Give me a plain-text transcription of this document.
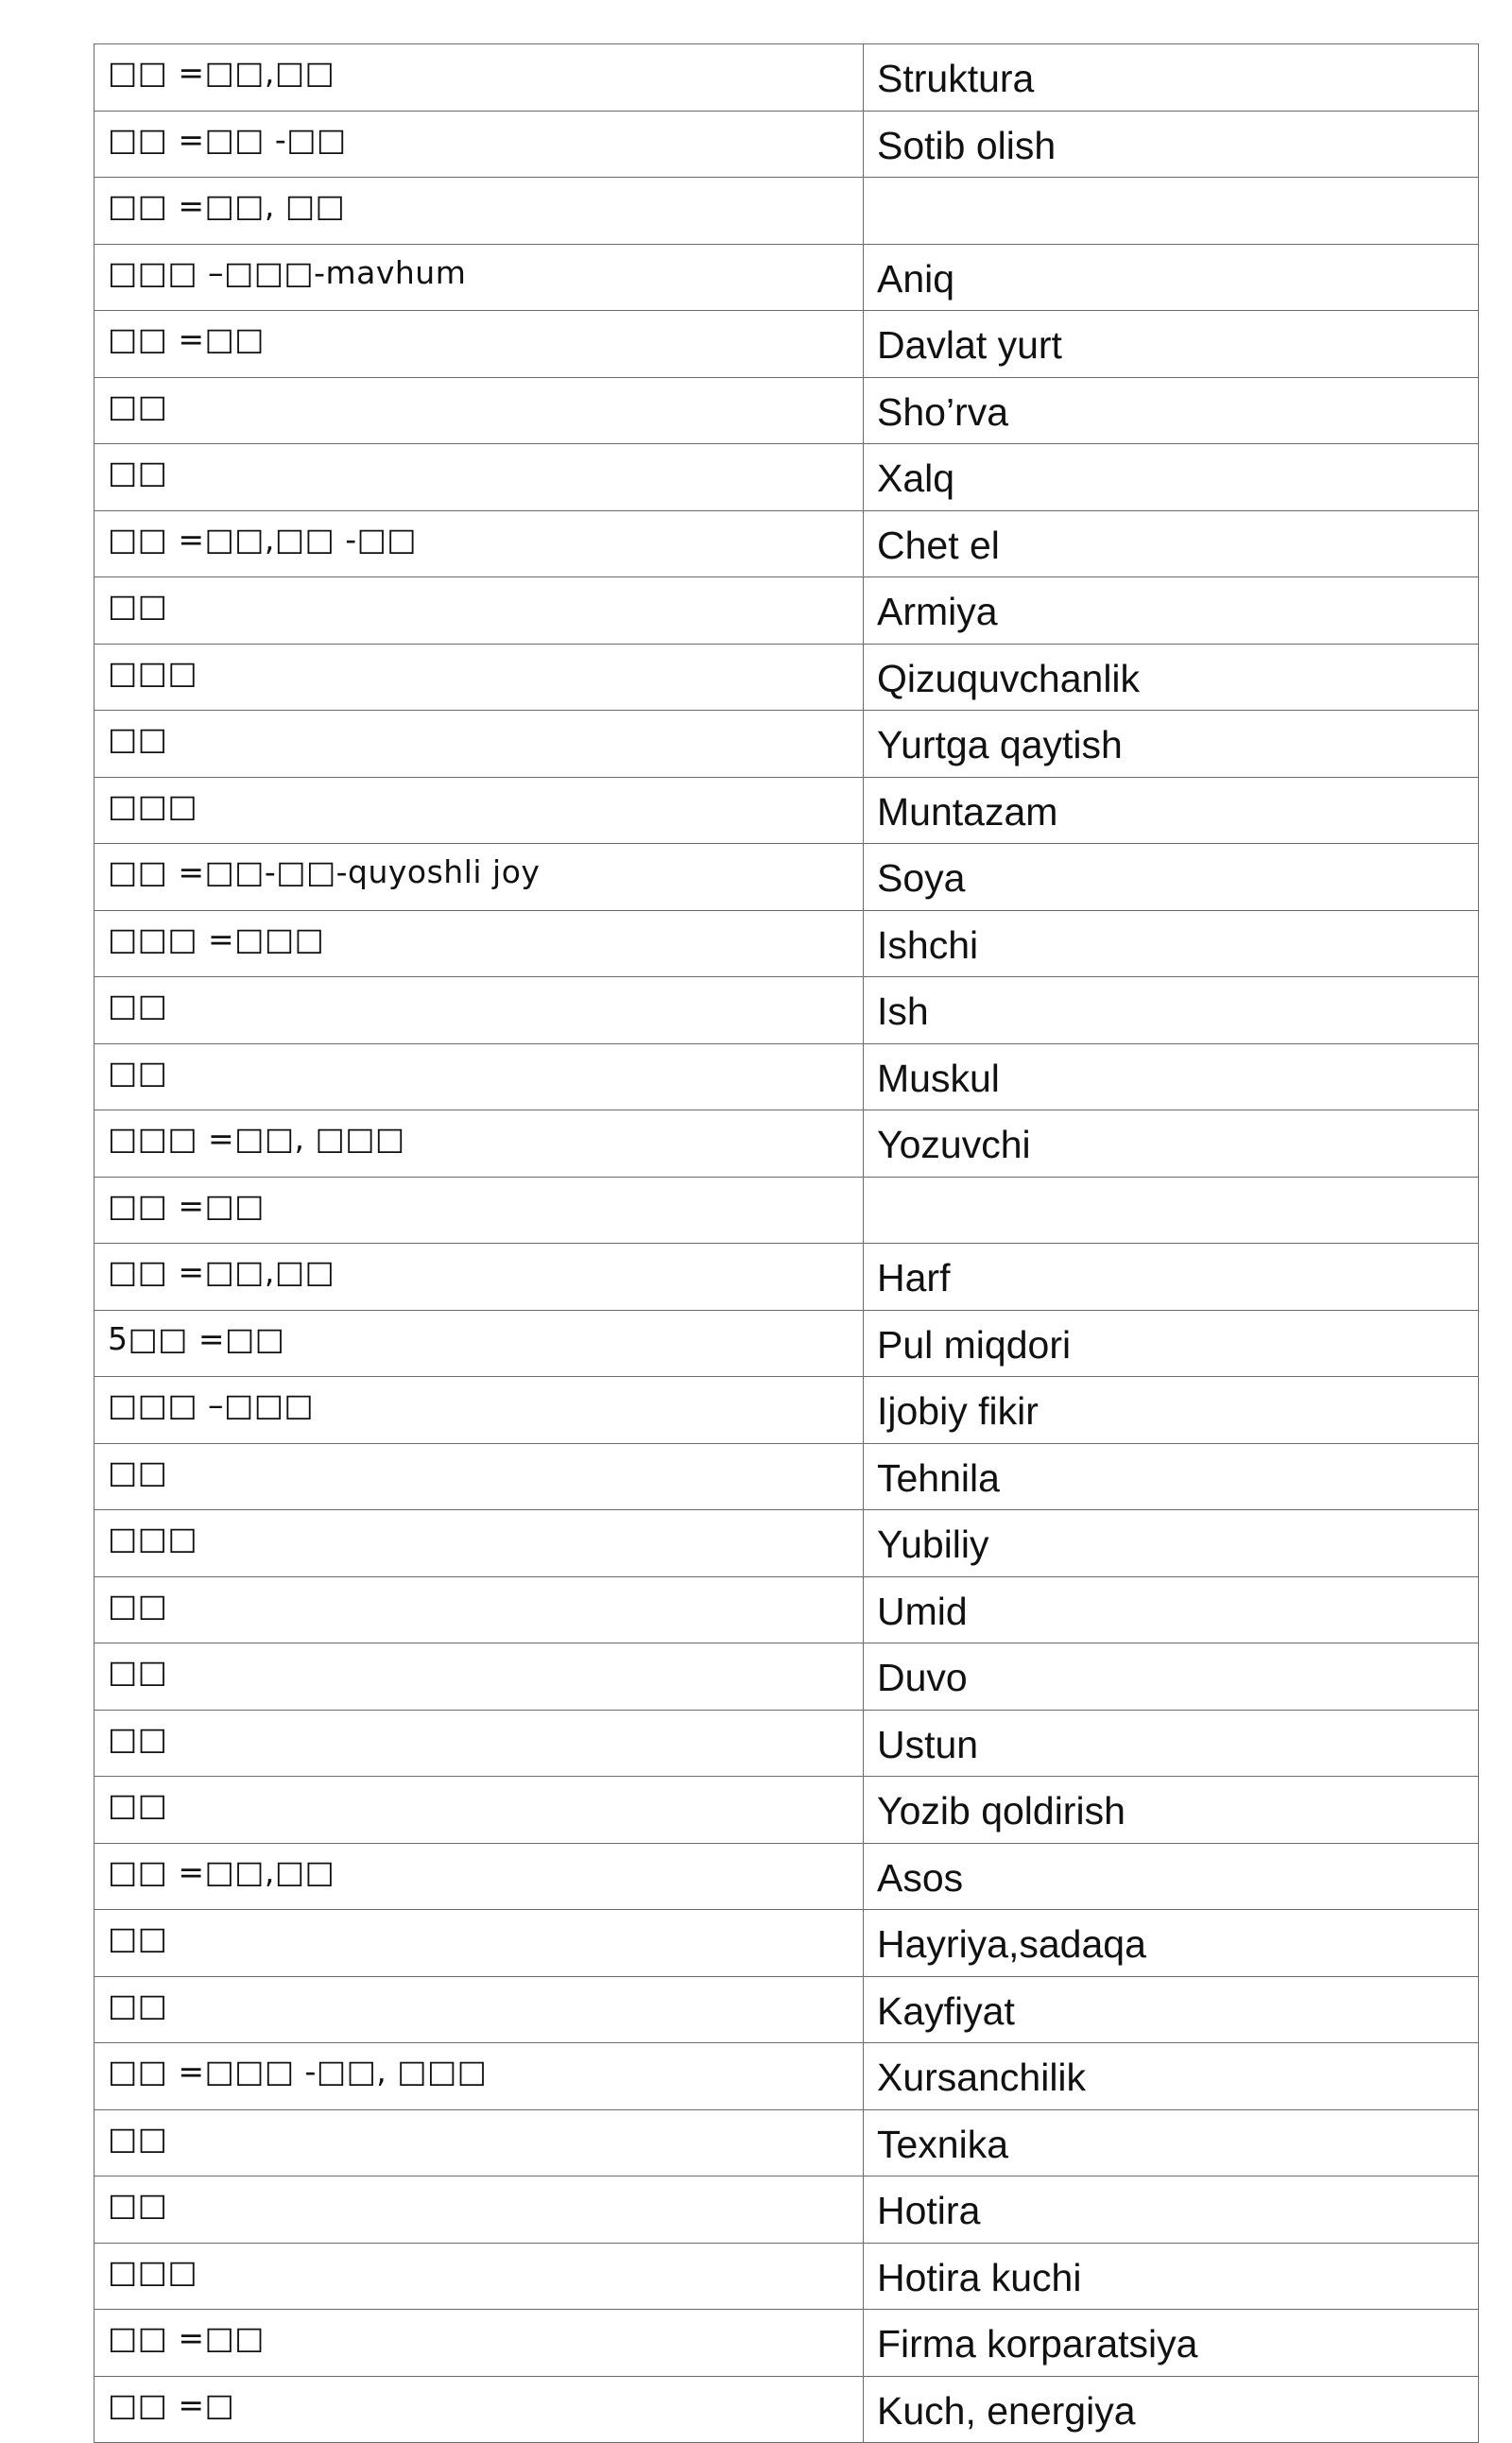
□□ =□□,□□	Struktura
□□ =□□ -□□	Sotib olish
□□ =□□, □□	
□□□ –□□□-mavhum	Aniq
□□ =□□	Davlat yurt
□□	Sho’rva
□□	Xalq
□□ =□□,□□ -□□	Chet el
□□	Armiya
□□□	Qizuquvchanlik
□□	Yurtga qaytish
□□□	Muntazam
□□ =□□-□□-quyoshli joy	Soya
□□□ =□□□	Ishchi
□□	Ish
□□	Muskul
□□□ =□□, □□□	Yozuvchi
□□ =□□	
□□ =□□,□□	Harf
5□□ =□□	Pul miqdori
□□□ –□□□	Ijobiy fikir
□□	Tehnila
□□□	Yubiliy
□□	Umid
□□	Duvo
□□	Ustun
□□	Yozib qoldirish
□□ =□□,□□	Asos
□□	Hayriya,sadaqa
□□	Kayfiyat
□□ =□□□ -□□, □□□	Xursanchilik
□□	Texnika
□□	Hotira
□□□	Hotira kuchi
□□ =□□	Firma korparatsiya
□□ =□	Kuch, energiya
